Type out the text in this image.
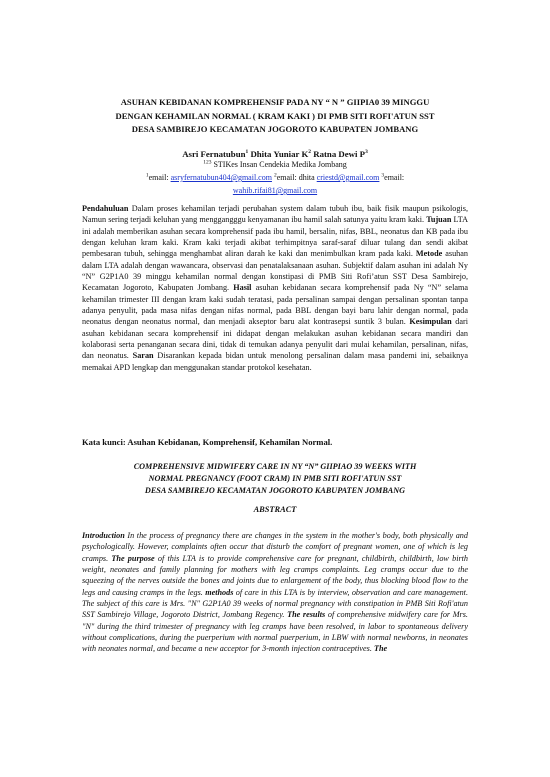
ASUHAN KEBIDANAN KOMPREHENSIF PADA NY “ N ” GIIPIA0 39 MINGGU
DENGAN KEHAMILAN NORMAL ( KRAM KAKI ) DI PMB SITI ROFI'ATUN SST
DESA SAMBIREJO KECAMATAN JOGOROTO KABUPATEN JOMBANG
Asri Fernatubun$^1$ Dhita Yuniar $K^2$ Ratna Dewi $P^3$
$^{123}$ STIKes Insan Cendekia Medika Jombang
$^1$email: asryfernatubun404@gmail.com $^2$email: dhita criestd@gmail.com $^3$email:
wahib.rifai81@gmail.com
Pendahuluan Dalam proses kehamilan terjadi perubahan system dalam tubuh ibu, baik fisik maupun psikologis, Namun sering terjadi keluhan yang menggangggu kenyamanan ibu hamil salah satunya yaitu kram kaki. Tujuan LTA ini adalah memberikan asuhan secara komprehensif pada ibu hamil, bersalin, nifas, BBL, neonatus dan KB pada ibu dengan keluhan kram kaki. Kram kaki terjadi akibat terhimpitnya saraf-saraf diluar tulang dan sendi akibat pembesaran tubuh, sehingga menghambat aliran darah ke kaki dan menimbulkan kram pada kaki. Metode asuhan dalam LTA adalah dengan wawancara, observasi dan penatalaksanaan asuhan. Subjektif dalam asuhan ini adalah Ny “N” G2P1A0 39 minggu kehamilan normal dengan konstipasi di PMB Siti Rofi’atun SST Desa Sambirejo, Kecamatan Jogoroto, Kabupaten Jombang. Hasil asuhan kebidanan secara komprehensif pada Ny “N” selama kehamilan trimester III dengan kram kaki sudah teratasi, pada persalinan sampai dengan persalinan spontan tanpa adanya penyulit, pada masa nifas dengan nifas normal, pada BBL dengan bayi baru lahir dengan normal, pada neonatus dengan neonatus normal, dan menjadi akseptor baru alat kontrasepsi suntik 3 bulan. Kesimpulan dari asuhan kebidanan secara komprehensif ini didapat dengan melakukan asuhan kebidanan secara mandiri dan kolaborasi serta penanganan secara dini, tidak di temukan adanya penyulit dari mulai kehamilan, persalinan, nifas, dan neonatus. Saran Disarankan kepada bidan untuk menolong persalinan dalam masa pandemi ini, sebaiknya memakai APD lengkap dan menggunakan standar protokol kesehatan.
Kata kunci: Asuhan Kebidanan, Komprehensif, Kehamilan Normal.
COMPREHENSIVE MIDWIFERY CARE IN NY “N” GIIPIAO 39 WEEKS WITH
NORMAL PREGNANCY (FOOT CRAM) IN PMB SITI ROFI'ATUN SST
DESA SAMBIREJO KECAMATAN JOGOROTO KABUPATEN JOMBANG
ABSTRACT
Introduction In the process of pregnancy there are changes in the system in the mother's body, both physically and psychologically. However, complaints often occur that disturb the comfort of pregnant women, one of which is leg cramps. The purpose of this LTA is to provide comprehensive care for pregnant, childbirth, childbirth, low birth weight, neonates and family planning for mothers with leg cramps complaints. Leg cramps occur due to the squeezing of the nerves outside the bones and joints due to enlargement of the body, thus blocking blood flow to the legs and causing cramps in the legs. methods of care in this LTA is by interview, observation and care management. The subject of this care is Mrs. "N" G2P1A0 39 weeks of normal pregnancy with constipation in PMB Siti Rofi'atun SST Sambirejo Village, Jogoroto District, Jombang Regency. The results of comprehensive midwifery care for Mrs. "N" during the third trimester of pregnancy with leg cramps have been resolved, in labor to spontaneous delivery without complications, during the puerperium with normal puerperium, in LBW with normal newborns, in neonates with neonates normal, and became a new acceptor for 3-month injection contraceptives. The
